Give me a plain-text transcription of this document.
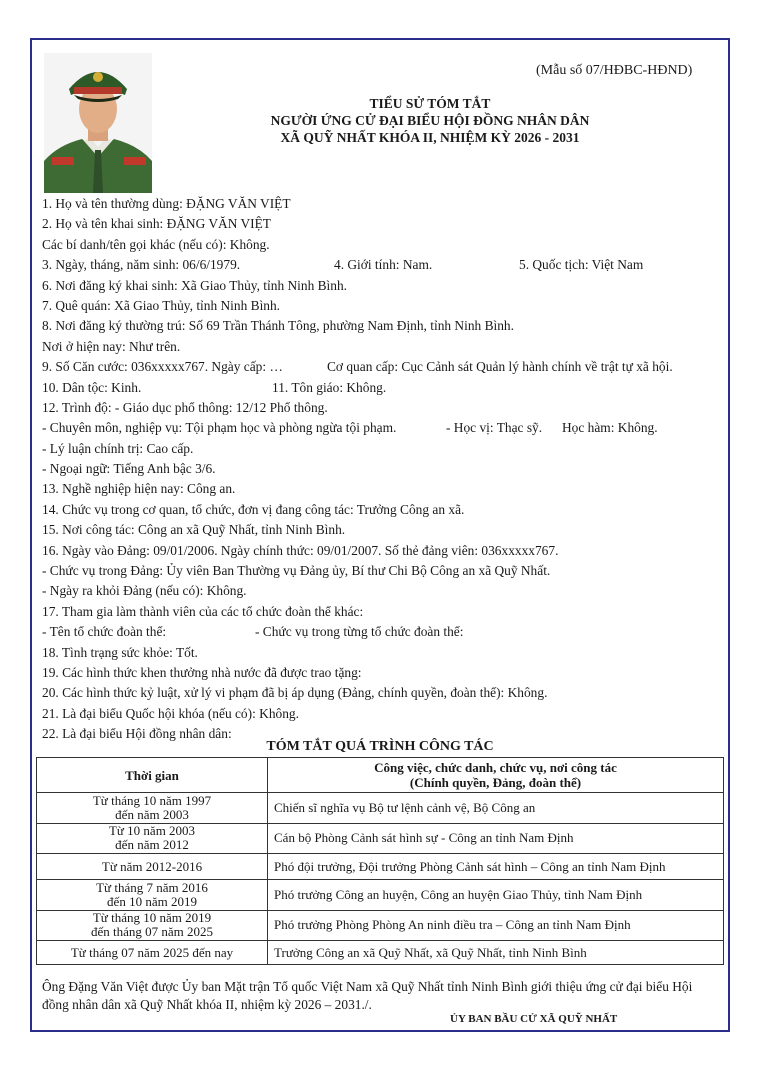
(Mẫu số 07/HĐBC-HĐND)
TIỂU SỬ TÓM TẮT
NGƯỜI ỨNG CỬ ĐẠI BIỂU HỘI ĐỒNG NHÂN DÂN
XÃ QUỸ NHẤT KHÓA II, NHIỆM KỲ 2026 - 2031
1. Họ và tên thường dùng: ĐẶNG VĂN VIỆT
2. Họ và tên khai sinh: ĐẶNG VĂN VIỆT
Các bí danh/tên gọi khác (nếu có): Không.
3. Ngày, tháng, năm sinh: 06/6/1979.	4. Giới tính: Nam.	5. Quốc tịch: Việt Nam
6. Nơi đăng ký khai sinh: Xã Giao Thủy, tỉnh Ninh Bình.
7. Quê quán: Xã Giao Thủy, tỉnh Ninh Bình.
8. Nơi đăng ký thường trú: Số 69 Trần Thánh Tông, phường Nam Định, tỉnh Ninh Bình.
Nơi ở hiện nay: Như trên.
9. Số Căn cước: 036xxxxx767. Ngày cấp: …	Cơ quan cấp: Cục Cảnh sát Quản lý hành chính về trật tự xã hội.
10. Dân tộc: Kinh.	11. Tôn giáo: Không.
12. Trình độ: - Giáo dục phổ thông: 12/12 Phổ thông.
- Chuyên môn, nghiệp vụ: Tội phạm học và phòng ngừa tội phạm.	- Học vị: Thạc sỹ. Học hàm: Không.
- Lý luận chính trị: Cao cấp.
- Ngoại ngữ: Tiếng Anh bậc 3/6.
13. Nghề nghiệp hiện nay: Công an.
14. Chức vụ trong cơ quan, tổ chức, đơn vị đang công tác: Trưởng Công an xã.
15. Nơi công tác: Công an xã Quỹ Nhất, tỉnh Ninh Bình.
16. Ngày vào Đảng: 09/01/2006. Ngày chính thức: 09/01/2007. Số thẻ đảng viên: 036xxxxx767.
- Chức vụ trong Đảng: Ủy viên Ban Thường vụ Đảng ủy, Bí thư Chi Bộ Công an xã Quỹ Nhất.
- Ngày ra khỏi Đảng (nếu có): Không.
17. Tham gia làm thành viên của các tổ chức đoàn thể khác:
- Tên tổ chức đoàn thể:	- Chức vụ trong từng tổ chức đoàn thể:
18. Tình trạng sức khỏe: Tốt.
19. Các hình thức khen thưởng nhà nước đã được trao tặng:
20. Các hình thức kỷ luật, xử lý vi phạm đã bị áp dụng (Đảng, chính quyền, đoàn thể): Không.
21. Là đại biểu Quốc hội khóa (nếu có): Không.
22. Là đại biểu Hội đồng nhân dân:
TÓM TẮT QUÁ TRÌNH CÔNG TÁC
Thời gian	Công việc, chức danh, chức vụ, nơi công tác
(Chính quyền, Đảng, đoàn thể)

Từ tháng 10 năm 1997
đến năm 2003	Chiến sĩ nghĩa vụ Bộ tư lệnh cảnh vệ, Bộ Công an

Từ 10 năm 2003
đến năm 2012	Cán bộ Phòng Cảnh sát hình sự - Công an tỉnh Nam Định
Từ năm 2012-2016	Phó đội trưởng, Đội trưởng Phòng Cảnh sát hình – Công an tỉnh Nam Định

Từ tháng 7 năm 2016
đến 10 năm 2019	Phó trưởng Công an huyện, Công an huyện Giao Thủy, tỉnh Nam Định

Từ tháng 10 năm 2019
đến tháng 07 năm 2025	Phó trưởng Phòng Phòng An ninh điều tra – Công an tỉnh Nam Định
Từ tháng 07 năm 2025 đến nay	Trưởng Công an xã Quỹ Nhất, xã Quỹ Nhất, tỉnh Ninh Bình
Ông Đặng Văn Việt được Ủy ban Mặt trận Tổ quốc Việt Nam xã Quỹ Nhất tỉnh Ninh Bình giới thiệu ứng cử đại biểu Hội đồng nhân dân xã Quỹ Nhất khóa II, nhiệm kỳ 2026 – 2031./.
ỦY BAN BẦU CỬ XÃ QUỸ NHẤT
